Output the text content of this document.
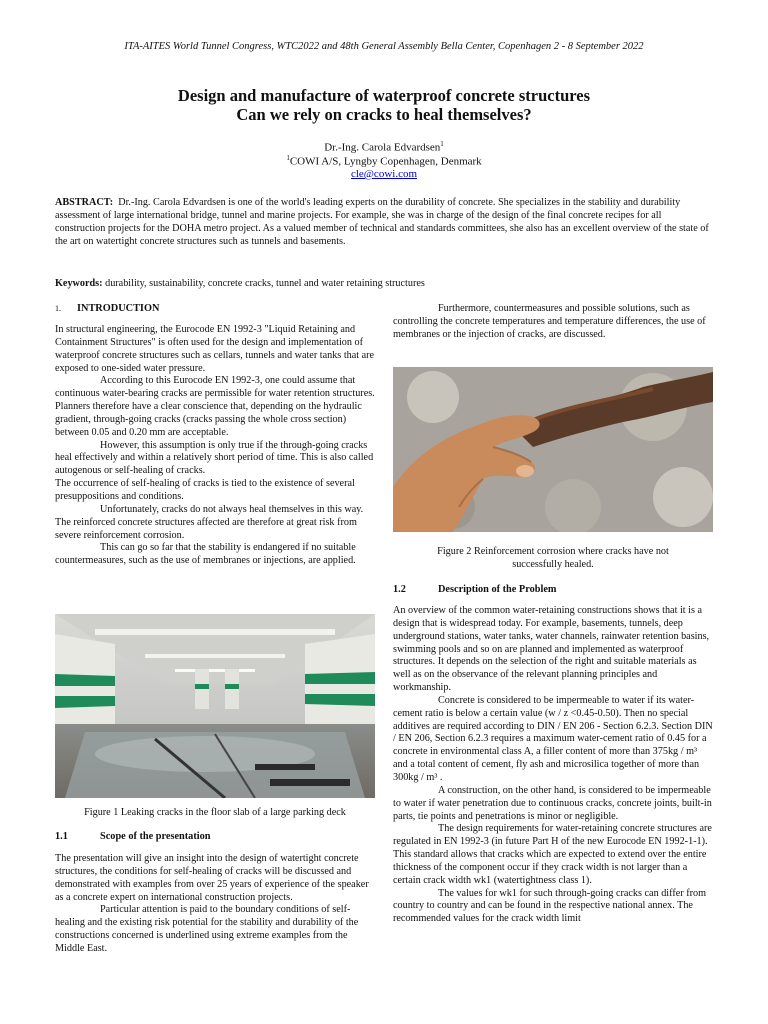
ITA-AITES World Tunnel Congress, WTC2022 and 48th General Assembly Bella Center, Copenhagen 2 - 8 September 2022
Design and manufacture of waterproof concrete structures
Can we rely on cracks to heal themselves?
Dr.-Ing. Carola Edvardsen$^1$
$^1$COWI A/S, Lyngby Copenhagen, Denmark
cle@cowi.com
ABSTRACT: Dr.-Ing. Carola Edvardsen is one of the world's leading experts on the durability of concrete. She specializes in the stability and durability assessment of large international bridge, tunnel and marine projects. For example, she was in charge of the design of the final concrete recipes for all construction projects for the DOHA metro project. As a valued member of technical and standards committees, she also has an excellent overview of the state of the art on watertight concrete structures such as tunnels and basements.
Keywords: durability, sustainability, concrete cracks, tunnel and water retaining structures
1. INTRODUCTION

In structural engineering, the Eurocode EN 1992-3 "Liquid Retaining and Containment Structures" is often used for the design and implementation of waterproof concrete structures such as cellars, tunnels and water tanks that are exposed to one-sided water pressure.

According to this Eurocode EN 1992-3, one could assume that continuous water-bearing cracks are permissible for water retention structures. Planners therefore have a clear conscience that, depending on the hydraulic gradient, through-going cracks (cracks passing the whole cross section) between 0.05 and 0.20 mm are acceptable.

However, this assumption is only true if the through-going cracks heal effectively and within a relatively short period of time. This is also called autogenous or self-healing of cracks.

The occurrence of self-healing of cracks is tied to the existence of several presuppositions and conditions.

Unfortunately, cracks do not always heal themselves in this way. The reinforced concrete structures affected are therefore at great risk from severe reinforcement corrosion.

This can go so far that the stability is endangered if no suitable countermeasures, such as the use of membranes or injections, are applied.

Figure 1 Leaking cracks in the floor slab of a large parking deck
1.1	Scope of the presentation

The presentation will give an insight into the design of watertight concrete structures, the conditions for self-healing of cracks will be discussed and demonstrated with examples from over 25 years of experience of the speaker as a concrete expert on international construction projects.

Particular attention is paid to the boundary conditions of self-healing and the existing risk potential for the stability and durability of the constructions concerned is underlined using extreme examples from the Middle East.

Furthermore, countermeasures and possible solutions, such as controlling the concrete temperatures and temperature differences, the use of membranes or the injection of cracks, are discussed.
Figure 2 Reinforcement corrosion where cracks have not
successfully healed.
1.2	Description of the Problem

An overview of the common water-retaining constructions shows that it is a design that is widespread today. For example, basements, tunnels, deep underground stations, water tanks, water channels, rainwater retention basins, swimming pools and so on are planned and implemented as waterproof structures. It depends on the selection of the right and suitable materials as well as on the observance of the relevant planning principles and workmanship.

Concrete is considered to be impermeable to water if its water-cement ratio is below a certain value (w / z <0.45-0.50). Then no special additives are required according to DIN / EN 206 - Section 6.2.3. Section DIN / EN 206, Section 6.2.3 requires a maximum water-cement ratio of 0.45 for a concrete in environmental class A, a filler content of more than 375kg / m³ and a total content of cement, fly ash and microsilica together of more than 300kg / m³ .

A construction, on the other hand, is considered to be impermeable to water if water penetration due to continuous cracks, concrete joints, built-in parts, tie points and penetrations is minor or negligible.

The design requirements for water-retaining concrete structures are regulated in EN 1992-3 (in future Part H of the new Eurocode EN 1992-1-1). This standard allows that cracks which are expected to extend over the entire thickness of the component occur if they crack width is not larger than a certain crack width wk1 (watertightness class 1).

The values for wk1 for such through-going cracks can differ from country to country and can be found in the respective national annex. The recommended values for the crack width limit
